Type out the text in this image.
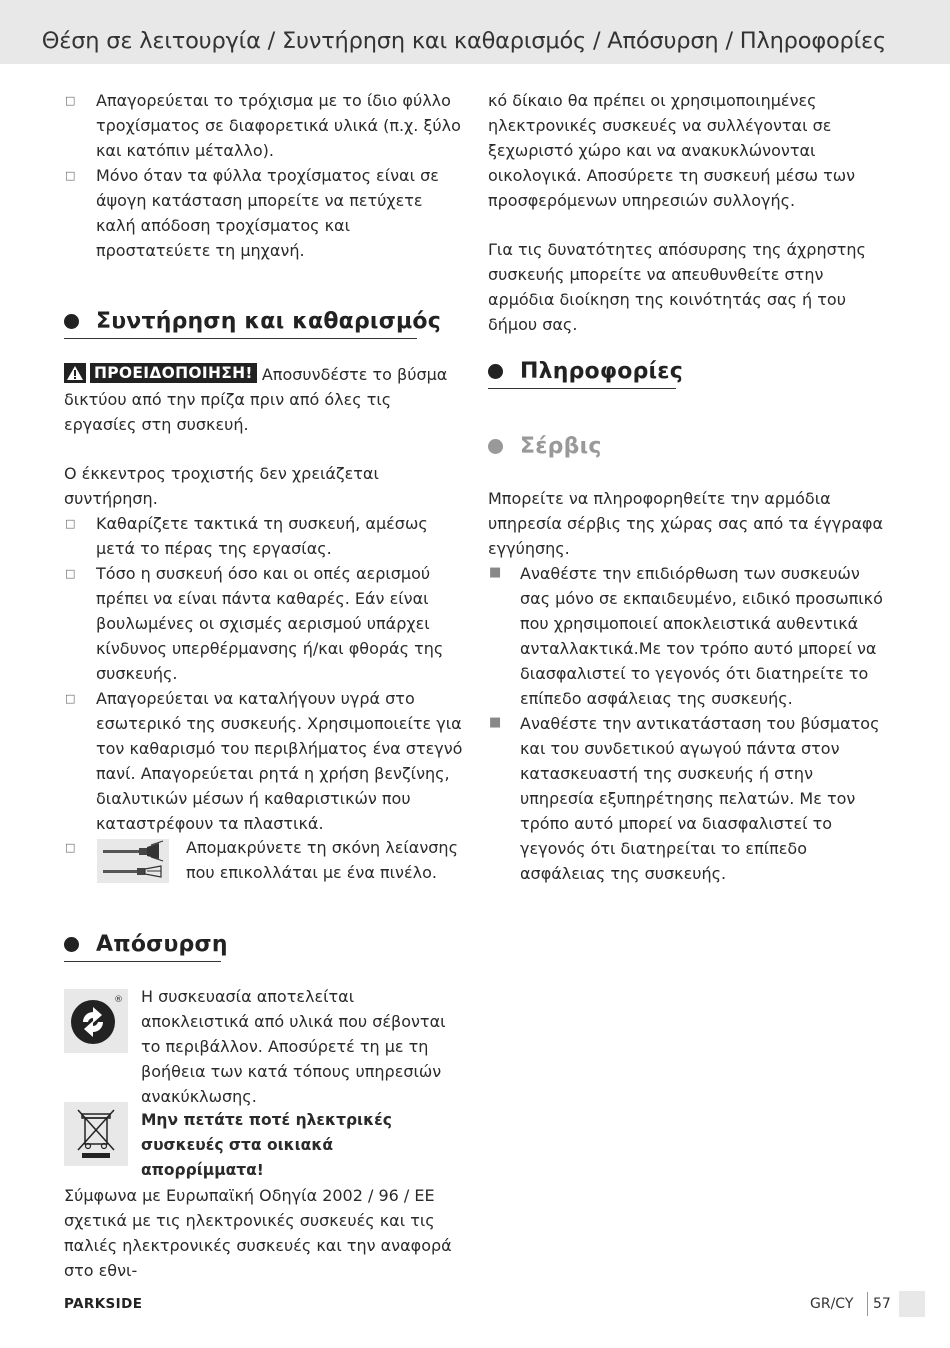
Θέση σε λειτουργία / Συντήρηση και καθαρισμός / Απόσυρση / Πληροφορίες
□ Απαγορεύεται το τρόχισμα με το ίδιο φύλλο τροχίσματος σε διαφορετικά υλικά (π.χ. ξύλο και κατόπιν μέταλλο).
□ Μόνο όταν τα φύλλα τροχίσματος είναι σε άψογη κατάσταση μπορείτε να πετύχετε καλή απόδοση τροχίσματος και προστατεύετε τη μηχανή.
Συντήρηση και καθαρισμός
ΠΡΟΕΙΔΟΠΟΙΗΣΗ! Αποσυνδέστε το βύσμα δικτύου από την πρίζα πριν από όλες τις εργασίες στη συσκευή.
Ο έκκεντρος τροχιστής δεν χρειάζεται συντήρηση.
□ Καθαρίζετε τακτικά τη συσκευή, αμέσως μετά το πέρας της εργασίας.
□ Τόσο η συσκευή όσο και οι οπές αερισμού πρέπει να είναι πάντα καθαρές. Εάν είναι βουλωμένες οι σχισμές αερισμού υπάρχει κίνδυνος υπερθέρμανσης ή/και φθοράς της συσκευής.
□ Απαγορεύεται να καταλήγουν υγρά στο εσωτερικό της συσκευής. Χρησιμοποιείτε για τον καθαρισμό του περιβλήματος ένα στεγνό πανί. Απαγορεύεται ρητά η χρήση βενζίνης, διαλυτικών μέσων ή καθαριστικών που καταστρέφουν τα πλαστικά.
□	Απομακρύνετε τη σκόνη λείανσης που επικολλάται με ένα πινέλο.
Απόσυρση
® Η συσκευασία αποτελείται αποκλειστικά από υλικά που σέβονται το περιβάλλον. Αποσύρετέ τη με τη βοήθεια των κατά τόπους υπηρεσιών ανακύκλωσης.
Μην πετάτε ποτέ ηλεκτρικές συσκευές στα οικιακά απορρίμματα!
Σύμφωνα με Ευρωπαϊκή Οδηγία 2002 / 96 / EE σχετικά με τις ηλεκτρονικές συσκευές και τις παλιές ηλεκτρονικές συσκευές και την αναφορά στο εθνι-
κό δίκαιο θα πρέπει οι χρησιμοποιημένες ηλεκτρονικές συσκευές να συλλέγονται σε ξεχωριστό χώρο και να ανακυκλώνονται οικολογικά. Αποσύρετε τη συσκευή μέσω των προσφερόμενων υπηρεσιών συλλογής.
Για τις δυνατότητες απόσυρσης της άχρηστης συσκευής μπορείτε να απευθυνθείτε στην αρμόδια διοίκηση της κοινότητάς σας ή του δήμου σας.
Πληροφορίες
Σέρβις
Μπορείτε να πληροφορηθείτε την αρμόδια υπηρεσία σέρβις της χώρας σας από τα έγγραφα εγγύησης.
■ Αναθέστε την επιδιόρθωση των συσκευών σας μόνο σε εκπαιδευμένο, ειδικό προσωπικό που χρησιμοποιεί αποκλειστικά αυθεντικά ανταλλακτικά.Με τον τρόπο αυτό μπορεί να διασφαλιστεί το γεγονός ότι διατηρείτε το επίπεδο ασφάλειας της συσκευής.
■ Αναθέστε την αντικατάσταση του βύσματος και του συνδετικού αγωγού πάντα στον κατασκευαστή της συσκευής ή στην υπηρεσία εξυπηρέτησης πελατών. Με τον τρόπο αυτό μπορεί να διασφαλιστεί το γεγονός ότι διατηρείται το επίπεδο ασφάλειας της συσκευής.
PARKSIDE	GR/CY 57
